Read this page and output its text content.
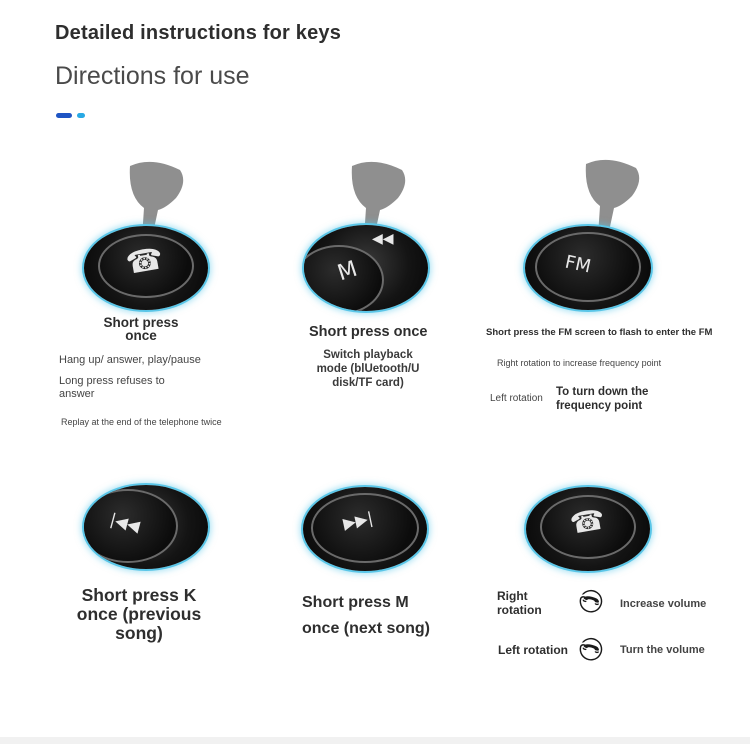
Detailed instructions for keys
Directions for use
☎
Short press once
Hang up/ answer, play/pause
Long press refuses to answer
Replay at the end of the telephone twice
◀◀
M
Short press once
Switch playback mode (blUetooth/U disk/TF card)
FM
Short press the FM screen to flash to enter the FM
Right rotation to increase frequency point
Left rotation
To turn down the frequency point
|◀◀
Short press K once (previous song)
▶▶|
Short press M
once (next song)
☎
Right rotation ✆ Increase volume
Left rotation ✆ Turn the volume
